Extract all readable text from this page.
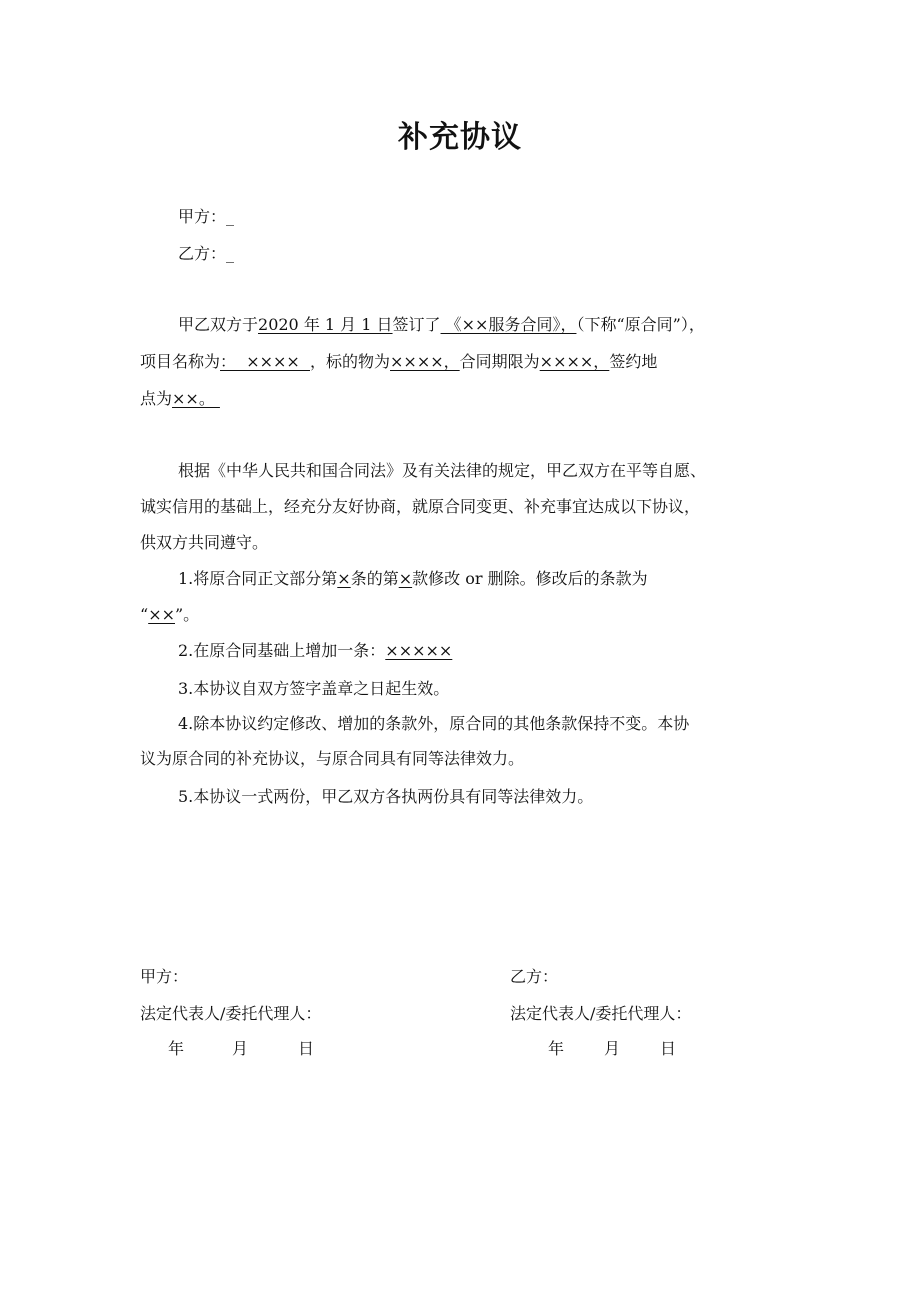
补充协议
甲方：_
乙方：_
甲乙双方于2020 年 1 月 1 日签订了 《××服务合同》，（下称“原合同”），
项目名称为：  ××××  ，标的物为××××，合同期限为××××，签约地
点为××。
根据《中华人民共和国合同法》及有关法律的规定，甲乙双方在平等自愿、
诚实信用的基础上，经充分友好协商，就原合同变更、补充事宜达成以下协议，
供双方共同遵守。
1.将原合同正文部分第×条的第×款修改 or 删除。修改后的条款为
“××”。
2.在原合同基础上增加一条：×××××
3.本协议自双方签字盖章之日起生效。
4.除本协议约定修改、增加的条款外，原合同的其他条款保持不变。本协
议为原合同的补充协议，与原合同具有同等法律效力。
5.本协议一式两份，甲乙双方各执两份具有同等法律效力。
甲方：
法定代表人/委托代理人：
年	月	日
乙方：
法定代表人/委托代理人：
年 月 日
